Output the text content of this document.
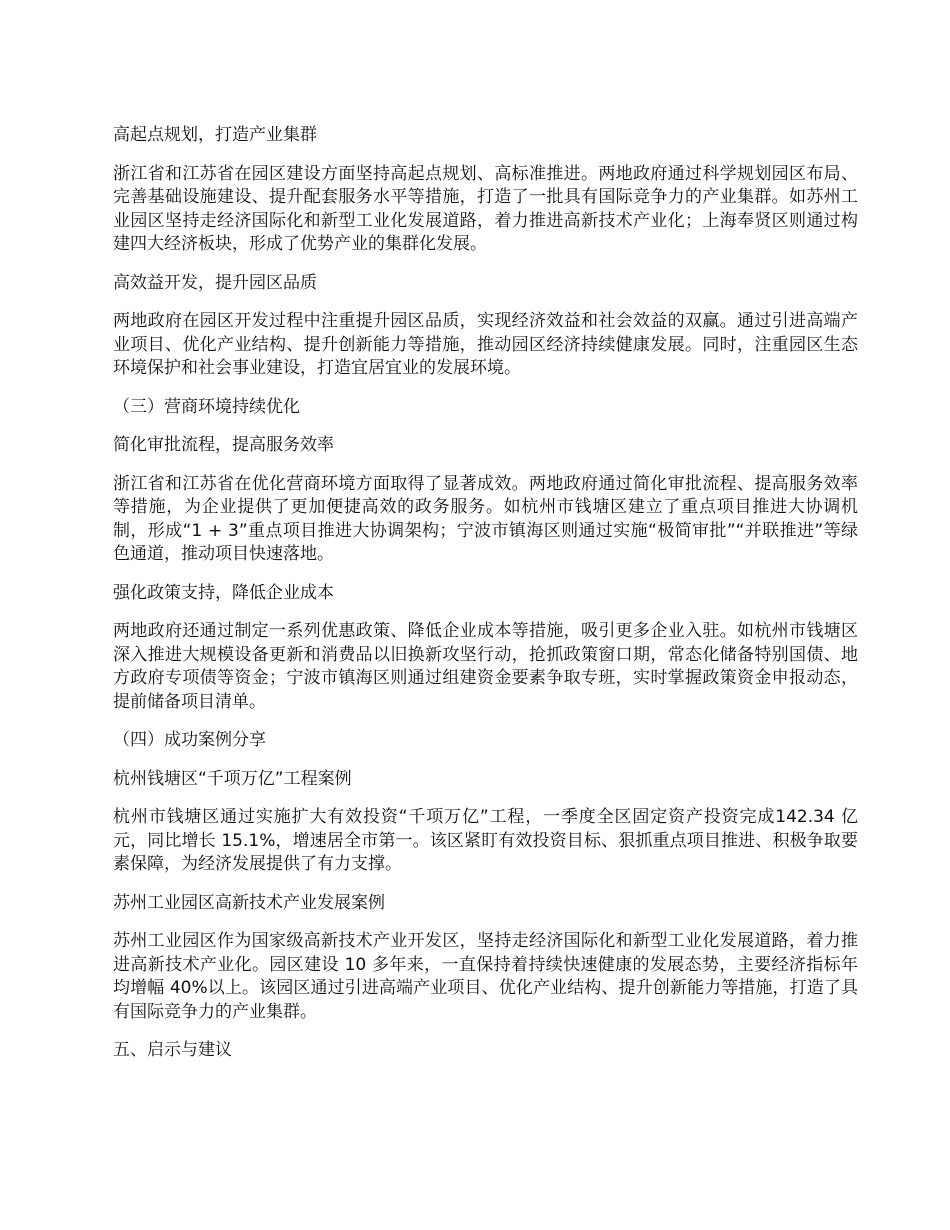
高起点规划，打造产业集群

浙江省和江苏省在园区建设方面坚持高起点规划、高标准推进。两地政府通过科学规划园区布局、完善基础设施建设、提升配套服务水平等措施，打造了一批具有国际竞争力的产业集群。如苏州工业园区坚持走经济国际化和新型工业化发展道路，着力推进高新技术产业化；上海奉贤区则通过构建四大经济板块，形成了优势产业的集群化发展。

高效益开发，提升园区品质

两地政府在园区开发过程中注重提升园区品质，实现经济效益和社会效益的双赢。通过引进高端产业项目、优化产业结构、提升创新能力等措施，推动园区经济持续健康发展。同时，注重园区生态环境保护和社会事业建设，打造宜居宜业的发展环境。

（三）营商环境持续优化

简化审批流程，提高服务效率

浙江省和江苏省在优化营商环境方面取得了显著成效。两地政府通过简化审批流程、提高服务效率等措施，为企业提供了更加便捷高效的政务服务。如杭州市钱塘区建立了重点项目推进大协调机制，形成“1 + 3”重点项目推进大协调架构；宁波市镇海区则通过实施“极简审批”“并联推进”等绿色通道，推动项目快速落地。

强化政策支持，降低企业成本

两地政府还通过制定一系列优惠政策、降低企业成本等措施，吸引更多企业入驻。如杭州市钱塘区深入推进大规模设备更新和消费品以旧换新攻坚行动，抢抓政策窗口期，常态化储备特别国债、地方政府专项债等资金；宁波市镇海区则通过组建资金要素争取专班，实时掌握政策资金申报动态，提前储备项目清单。

（四）成功案例分享

杭州钱塘区“千项万亿”工程案例

杭州市钱塘区通过实施扩大有效投资“千项万亿”工程，一季度全区固定资产投资完成142.34 亿元，同比增长 15.1%，增速居全市第一。该区紧盯有效投资目标、狠抓重点项目推进、积极争取要素保障，为经济发展提供了有力支撑。

苏州工业园区高新技术产业发展案例

苏州工业园区作为国家级高新技术产业开发区，坚持走经济国际化和新型工业化发展道路，着力推进高新技术产业化。园区建设 10 多年来，一直保持着持续快速健康的发展态势，主要经济指标年均增幅 40%以上。该园区通过引进高端产业项目、优化产业结构、提升创新能力等措施，打造了具有国际竞争力的产业集群。

五、启示与建议
